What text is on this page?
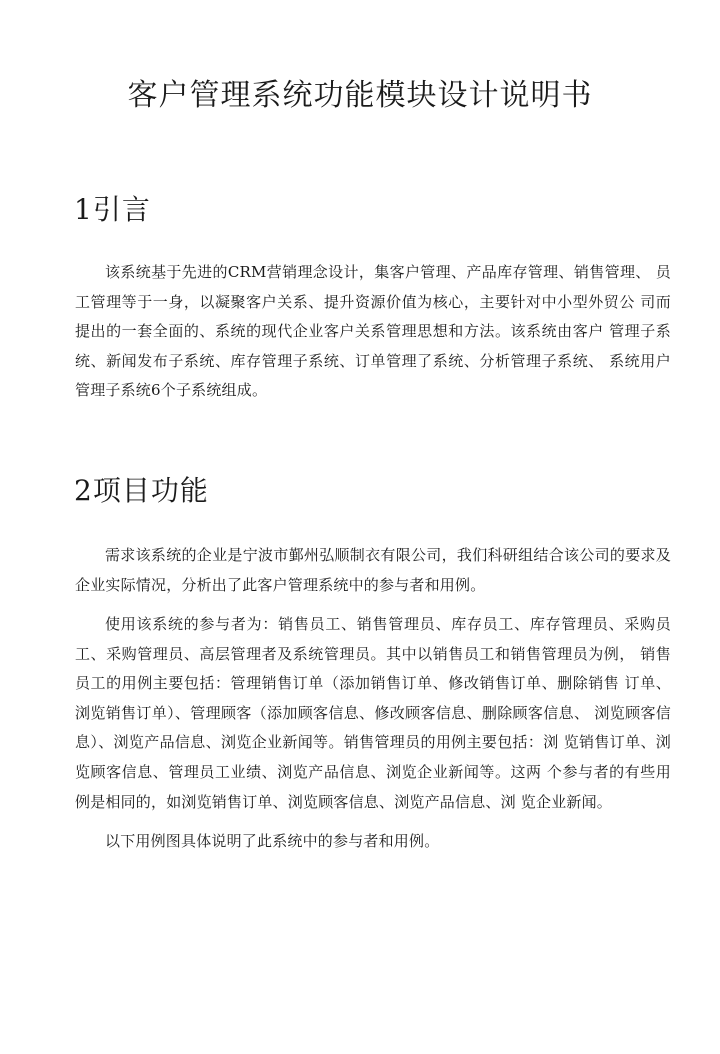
客户管理系统功能模块设计说明书
1引言

该系统基于先进的CRM营销理念设计，集客户管理、产品库存管理、销售管理、 员工管理等于一身，以凝聚客户关系、提升资源价值为核心，主要针对中小型外贸公 司而提出的一套全面的、系统的现代企业客户关系管理思想和方法。该系统由客户 管理子系统、新闻发布子系统、库存管理子系统、订单管理了系统、分析管理子系统、 系统用户管理子系统6个子系统组成。

2项目功能

需求该系统的企业是宁波市鄞州弘顺制衣有限公司，我们科研组结合该公司的要求及企业实际情况，分析出了此客户管理系统中的参与者和用例。

使用该系统的参与者为：销售员工、销售管理员、库存员工、库存管理员、采购员工、采购管理员、高层管理者及系统管理员。其中以销售员工和销售管理员为例， 销售员工的用例主要包括：管理销售订单（添加销售订单、修改销售订单、删除销售 订单、浏览销售订单）、管理顾客（添加顾客信息、修改顾客信息、删除顾客信息、 浏览顾客信息）、浏览产品信息、浏览企业新闻等。销售管理员的用例主要包括：浏 览销售订单、浏览顾客信息、管理员工业绩、浏览产品信息、浏览企业新闻等。这两 个参与者的有些用例是相同的，如浏览销售订单、浏览顾客信息、浏览产品信息、浏 览企业新闻。

以下用例图具体说明了此系统中的参与者和用例。
